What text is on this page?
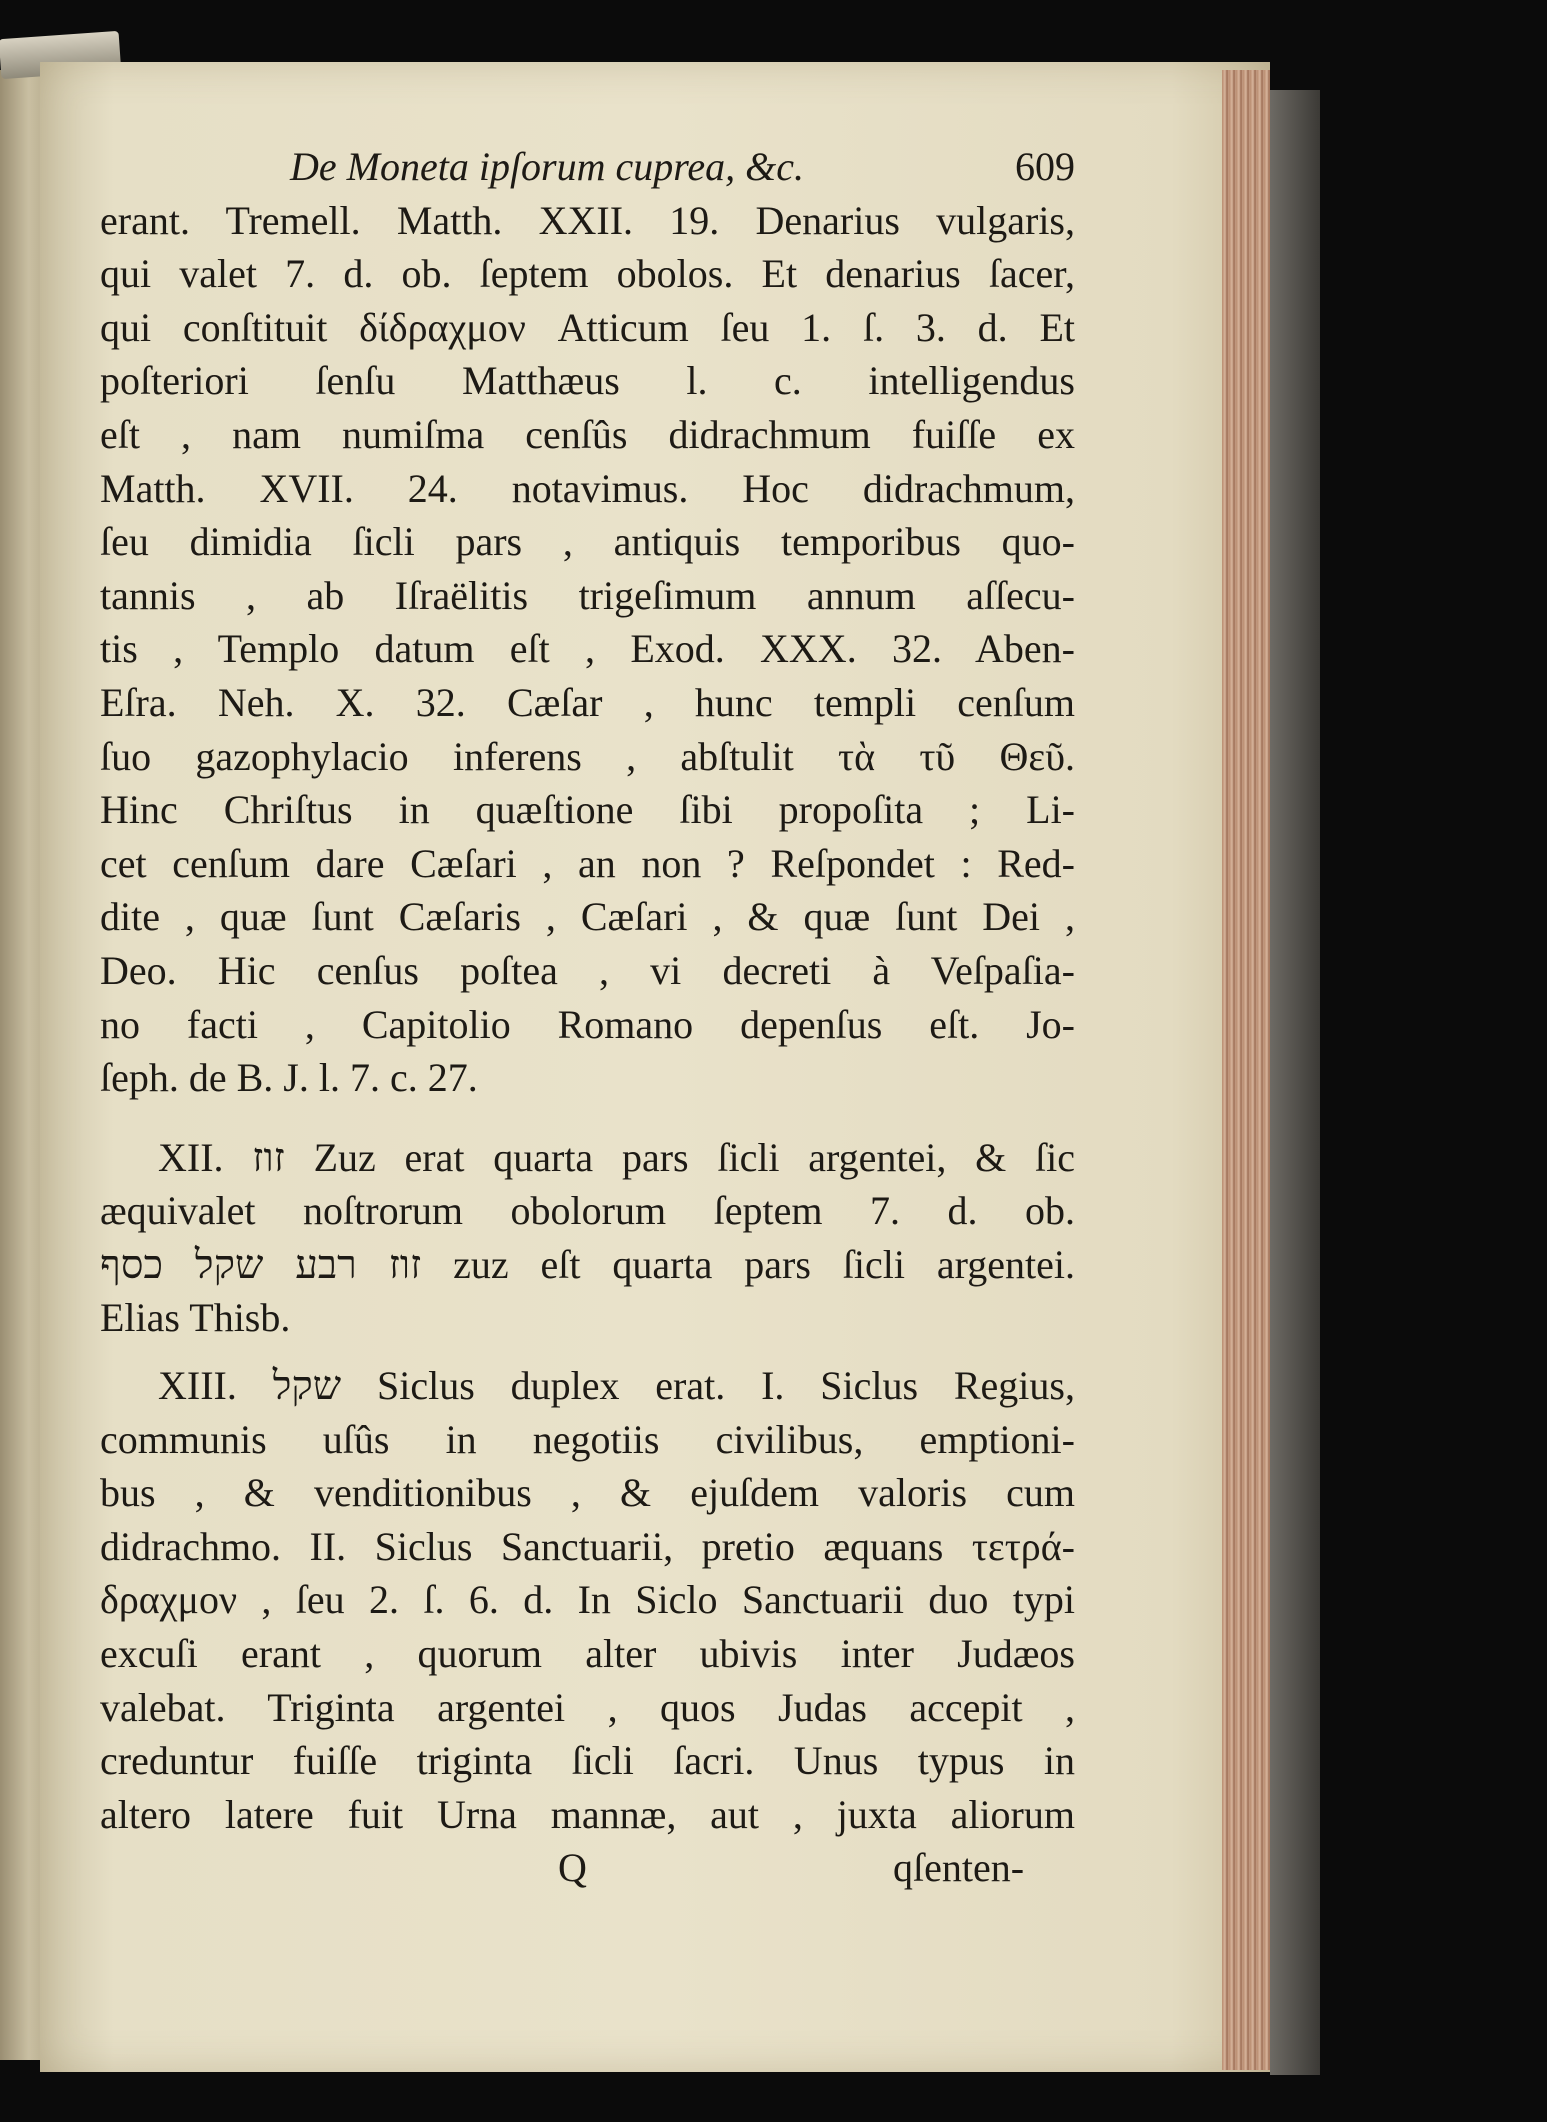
De Moneta ipſorum cuprea, &c.	609
erant. Tremell. Matth. XXII. 19. Denarius vulgaris,
qui valet 7. d. ob. ſeptem obolos. Et denarius ſacer,
qui conſtituit δίδραχμον Atticum ſeu 1. ſ. 3. d. Et
poſteriori ſenſu Matthæus l. c. intelligendus
eſt , nam numiſma cenſûs didrachmum fuiſſe ex
Matth. XVII. 24. notavimus. Hoc didrachmum,
ſeu dimidia ſicli pars , antiquis temporibus quo-
tannis , ab Iſraëlitis trigeſimum annum aſſecu-
tis , Templo datum eſt , Exod. XXX. 32. Aben-
Eſra. Neh. X. 32. Cæſar , hunc templi cenſum
ſuo gazophylacio inferens , abſtulit τὰ τῦ Θεῦ.
Hinc Chriſtus in quæſtione ſibi propoſita ; Li-
cet cenſum dare Cæſari , an non ? Reſpondet : Red-
dite , quæ ſunt Cæſaris , Cæſari , & quæ ſunt Dei ,
Deo. Hic cenſus poſtea , vi decreti à Veſpaſia-
no facti , Capitolio Romano depenſus eſt. Jo-
ſeph. de B. J. l. 7. c. 27.
XII. זוז Zuz erat quarta pars ſicli argentei, & ſic
æquivalet noſtrorum obolorum ſeptem 7. d. ob.
זוז רבע שקל כסף zuz eſt quarta pars ſicli argentei.
Elias Thisb.
XIII. שקל Siclus duplex erat. I. Siclus Regius,
communis uſûs in negotiis civilibus, emptioni-
bus , & venditionibus , & ejuſdem valoris cum
didrachmo. II. Siclus Sanctuarii, pretio æquans τετρά-
δραχμον , ſeu 2. ſ. 6. d. In Siclo Sanctuarii duo typi
excuſi erant , quorum alter ubivis inter Judæos
valebat. Triginta argentei , quos Judas accepit ,
creduntur fuiſſe triginta ſicli ſacri. Unus typus in
altero latere fuit Urna mannæ, aut , juxta aliorum
Q q ſenten-
